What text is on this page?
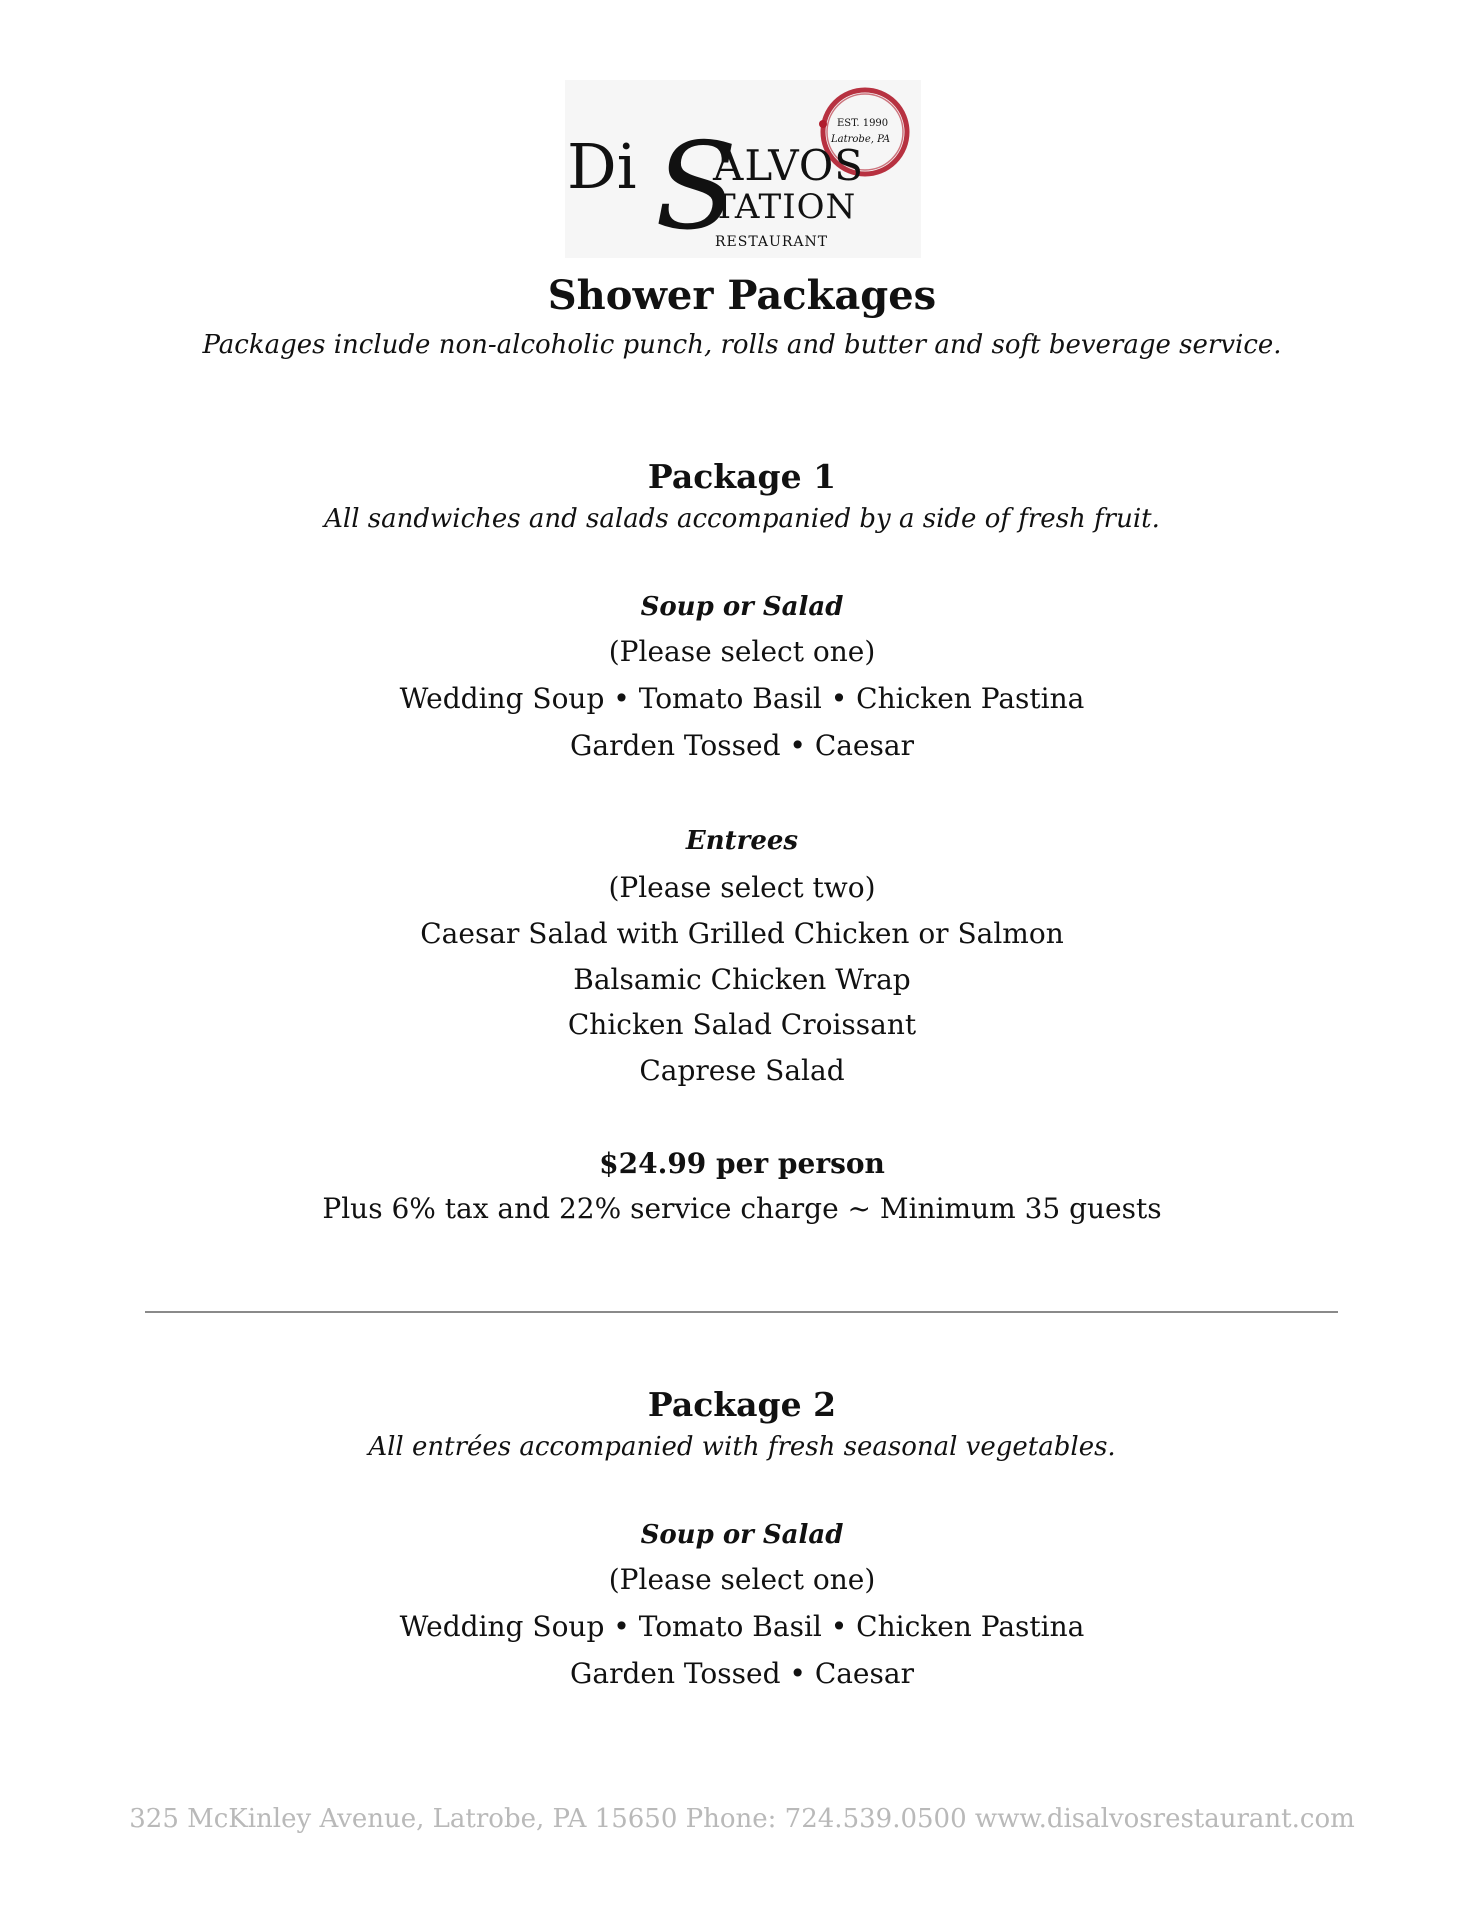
S
Di ALVOS
TATION
RESTAURANT
EST. 1990
Latrobe, PA
Shower Packages
Packages include non-alcoholic punch, rolls and butter and soft beverage service.
Package 1
All sandwiches and salads accompanied by a side of fresh fruit.
Soup or Salad
(Please select one)
Wedding Soup • Tomato Basil • Chicken Pastina
Garden Tossed • Caesar
Entrees
(Please select two)
Caesar Salad with Grilled Chicken or Salmon
Balsamic Chicken Wrap
Chicken Salad Croissant
Caprese Salad
$24.99 per person
Plus 6% tax and 22% service charge ~ Minimum 35 guests
Package 2
All entrées accompanied with fresh seasonal vegetables.
Soup or Salad
(Please select one)
Wedding Soup • Tomato Basil • Chicken Pastina
Garden Tossed • Caesar
325 McKinley Avenue, Latrobe, PA 15650 Phone: 724.539.0500 www.disalvosrestaurant.com
